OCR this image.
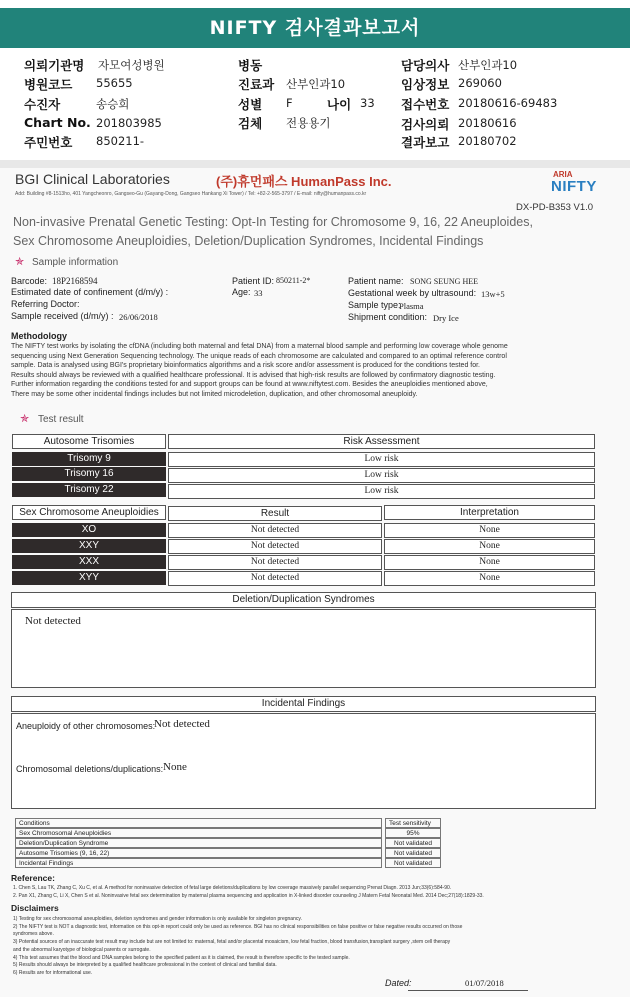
NIFTY 검사결과보고서
의뢰기관명 자모여성병원	병동	담당의사 산부인과10
병원코드 55655	진료과 산부인과10	임상정보 269060
수진자	송승희	성별 F	나이 33 접수번호 20180616-69483
Chart No. 201803985	검체 전용용기	검사의뢰 20180616
주민번호 850211-	결과보고 20180702
BGI Clinical Laboratories	(주)휴먼패스 HumanPass Inc.
Add: Building #8-1513ho, 401 Yangcheonro, Gangseo-Gu (Gayang-Dong, Gangseo Hankang Xi Tower) / Tel: +82-2-565-3797 / E-mail: nifty@humanpass.co.kr
ARIA
NIFTY
DX-PD-B353 V1.0
Non-invasive Prenatal Genetic Testing: Opt-In Testing for Chromosome 9, 16, 22 Aneuploides,
Sex Chromosome Aneuploidies, Deletion/Duplication Syndromes, Incidental Findings
✯ Sample information
Barcode: 18P2168594
Estimated date of confinement (d/m/y) :
Referring Doctor:
Sample received (d/m/y) : 26/06/2018
Patient ID: 850211-2*
Age: 33
Patient name: SONG SEUNG HEE
Gestational week by ultrasound: 13w+5
Sample type:
Plasma
Shipment condition: Dry Ice
Methodology
The NIFTY test works by isolating the cfDNA (including both maternal and fetal DNA) from a maternal blood sample and performing low coverage whole genome
sequencing using Next Generation Sequencing technology. The unique reads of each chromosome are calculated and compared to an optimal reference control
sample. Data is analysed using BGI's proprietary bioinformatics algorithms and a risk score and/or assessment is produced for the conditions tested for.
Results should always be reviewed with a qualified healthcare professional. It is advised that high-risk results are followed by confirmatory diagnostic testing.
Further information regarding the conditions tested for and support groups can be found at www.niftytest.com. Besides the aneuploidies mentioned above,
There may be some other incidental findings includes but not limited microdeletion, duplication, and other chromosomal aneuploidy.
✯ Test result
Autosome Trisomies	Risk Assessment
Trisomy 9	Low risk
Trisomy 16	Low risk
Trisomy 22	Low risk
Sex Chromosome Aneuploidies	Result	Interpretation
XO	Not detected	None
XXY	Not detected	None
XXX	Not detected	None
XYY	Not detected	None
Deletion/Duplication Syndromes
Not detected
Incidental Findings
Aneuploidy of other chromosomes:
Not detected
Chromosomal deletions/duplications: None
Conditions	Test sensitivity
Sex Chromosomal Aneuploidies	95%
Deletion/Duplication Syndrome	Not validated
Autosome Trisomies (9, 16, 22)	Not validated
Incidental Findings	Not validated
Reference:
1. Chen S, Lau TK, Zhang C, Xu C, et al. A method for noninvasive detection of fetal large deletions/duplications by low coverage massively parallel sequencing Prenat Diagn. 2013 Jun;33(6):584-90.
2. Pan X1, Zhang C, Li X, Chen S et al. Noninvasive fetal sex determination by maternal plasma sequencing and application in X-linked disorder counseling J Matern Fetal Neonatal Med. 2014 Dec;27(18):1829-33.
Disclaimers
1) Testing for sex chromosomal aneuploidies, deletion syndromes and gender information is only available for singleton pregnancy.
2) The NIFTY test is NOT a diagnostic test, information on this opt-in report could only be used as reference. BGI has no clinical responsibilities on false positive or false negative results occurred on those
syndromes above.
3) Potential sources of an inaccurate test result may include but are not limited to: maternal, fetal and/or placental mosaicism, low fetal fraction, blood transfusion,transplant surgery ,stem cell therapy
and the abnormal karyotype of biological parents or surrogate.
4) This test assumes that the blood and DNA samples belong to the specified patient as it is claimed, the result is therefore specific to the tested sample.
5) Results should always be interpreted by a qualified healthcare professional in the context of clinical and familial data.
6) Results are for informational use.
Dated:	01/07/2018
